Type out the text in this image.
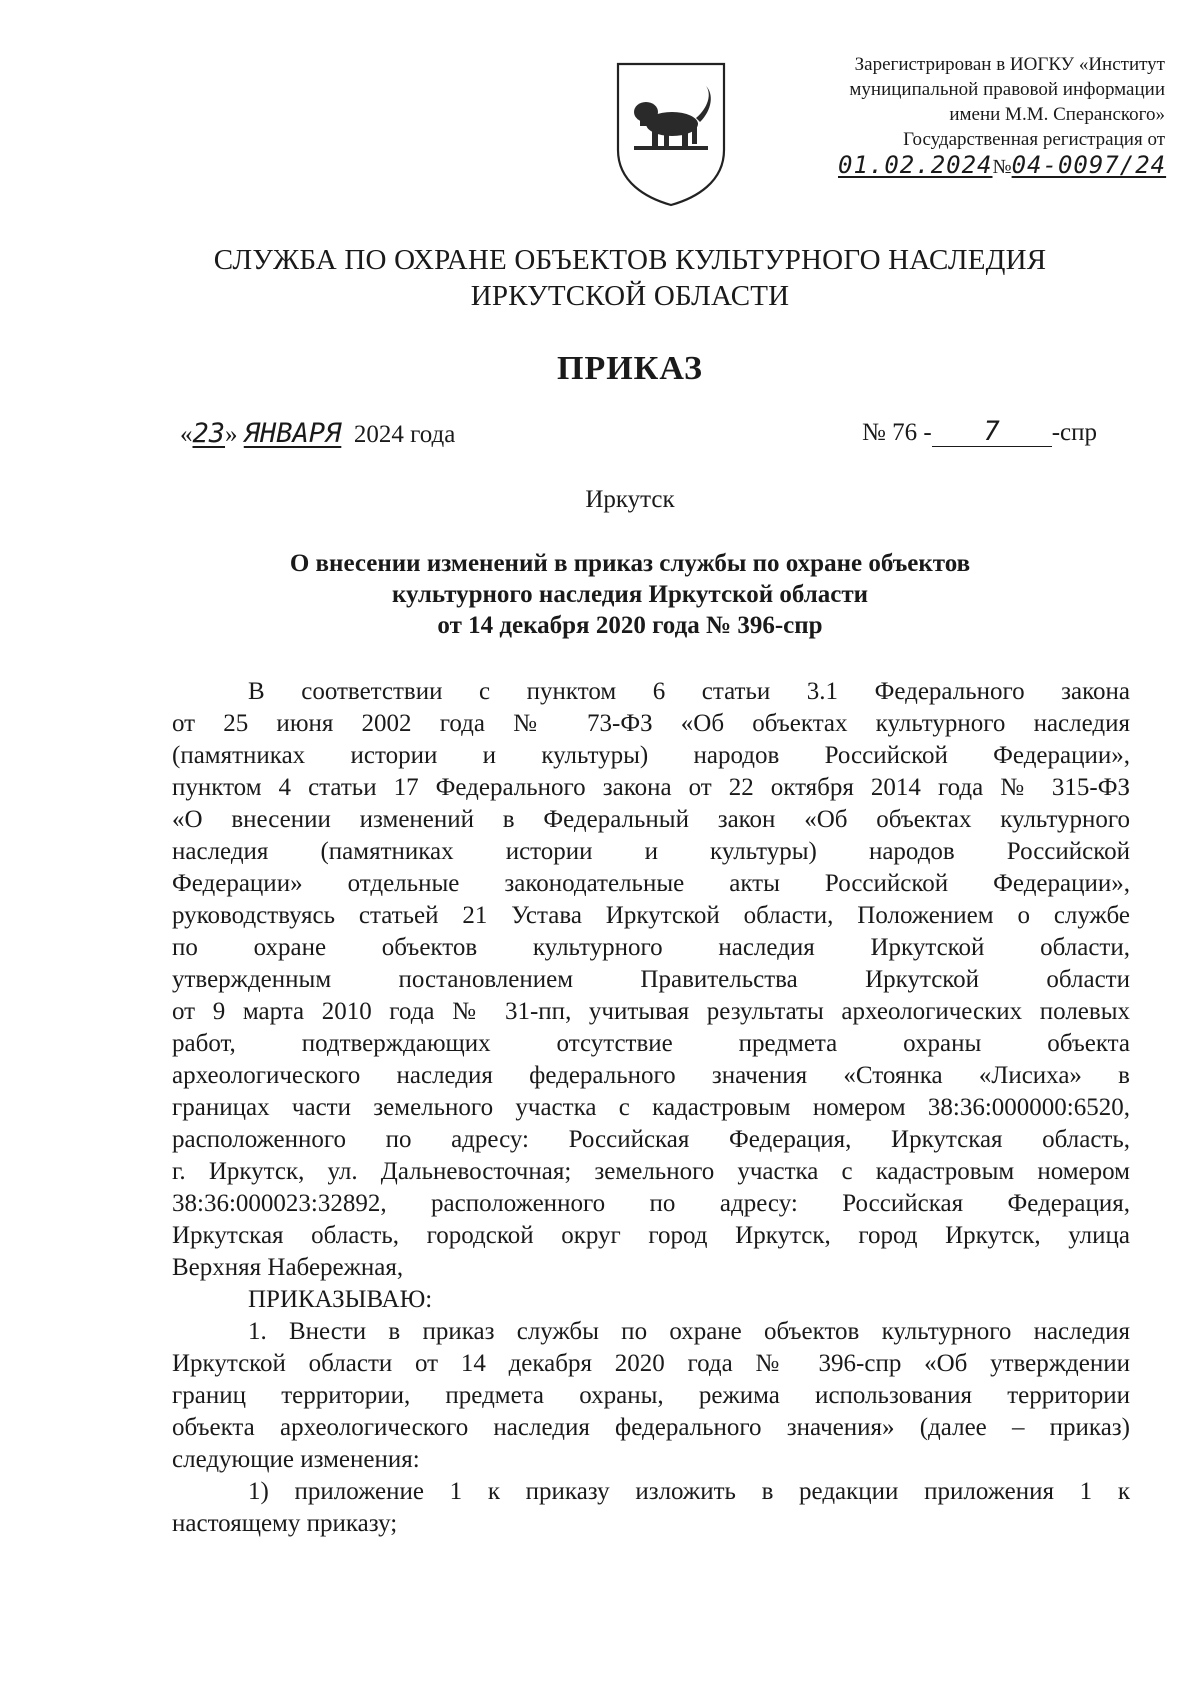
Зарегистрирован в ИОГКУ «Институт
муниципальной правовой информации
имени М.М. Сперанского»
Государственная регистрация от
01.02.2024№04-0097/24
СЛУЖБА ПО ОХРАНЕ ОБЪЕКТОВ КУЛЬТУРНОГО НАСЛЕДИЯ
ИРКУТСКОЙ ОБЛАСТИ
ПРИКАЗ
«23» ЯНВАРЯ 2024 года	№ 76 - 7 -спр
Иркутск
О внесении изменений в приказ службы по охране объектов
культурного наследия Иркутской области
от 14 декабря 2020 года № 396-спр
В соответствии с пунктом 6 статьи 3.1 Федерального закона
от 25 июня 2002 года № 73-ФЗ «Об объектах культурного наследия
(памятниках истории и культуры) народов Российской Федерации»,
пунктом 4 статьи 17 Федерального закона от 22 октября 2014 года № 315-ФЗ
«О внесении изменений в Федеральный закон «Об объектах культурного
наследия (памятниках истории и культуры) народов Российской
Федерации» отдельные законодательные акты Российской Федерации»,
руководствуясь статьей 21 Устава Иркутской области, Положением о службе
по охране объектов культурного наследия Иркутской области,
утвержденным постановлением Правительства Иркутской области
от 9 марта 2010 года № 31-пп, учитывая результаты археологических полевых
работ, подтверждающих отсутствие предмета охраны объекта
археологического наследия федерального значения «Стоянка «Лисиха» в
границах части земельного участка с кадастровым номером 38:36:000000:6520,
расположенного по адресу: Российская Федерация, Иркутская область,
г. Иркутск, ул. Дальневосточная; земельного участка с кадастровым номером
38:36:000023:32892, расположенного по адресу: Российская Федерация,
Иркутская область, городской округ город Иркутск, город Иркутск, улица
Верхняя Набережная,
ПРИКАЗЫВАЮ:
1. Внести в приказ службы по охране объектов культурного наследия
Иркутской области от 14 декабря 2020 года № 396-спр «Об утверждении
границ территории, предмета охраны, режима использования территории
объекта археологического наследия федерального значения» (далее – приказ)
следующие изменения:
1) приложение 1 к приказу изложить в редакции приложения 1 к
настоящему приказу;
